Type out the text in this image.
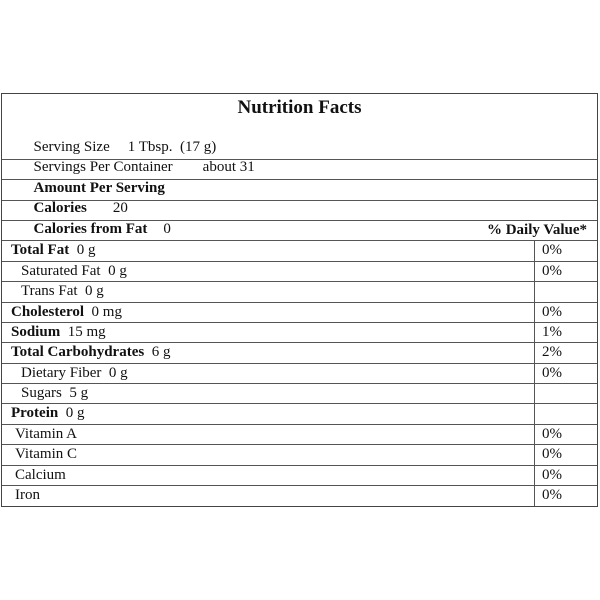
Nutrition Facts

Serving Size 1 Tbsp.  (17 g)

Servings Per Container about 31

Amount Per Serving

Calories 20

Calories from Fat 0
	% Daily Value*
Total Fat 0 g	0%
Saturated Fat 0 g	0%
Trans Fat 0 g
Cholesterol 0 mg	0%
Sodium 15 mg	1%
Total Carbohydrates 6 g	2%
Dietary Fiber 0 g	0%
Sugars 5 g
Protein 0 g
Vitamin A	0%
Vitamin C	0%
Calcium	0%
Iron	0%
